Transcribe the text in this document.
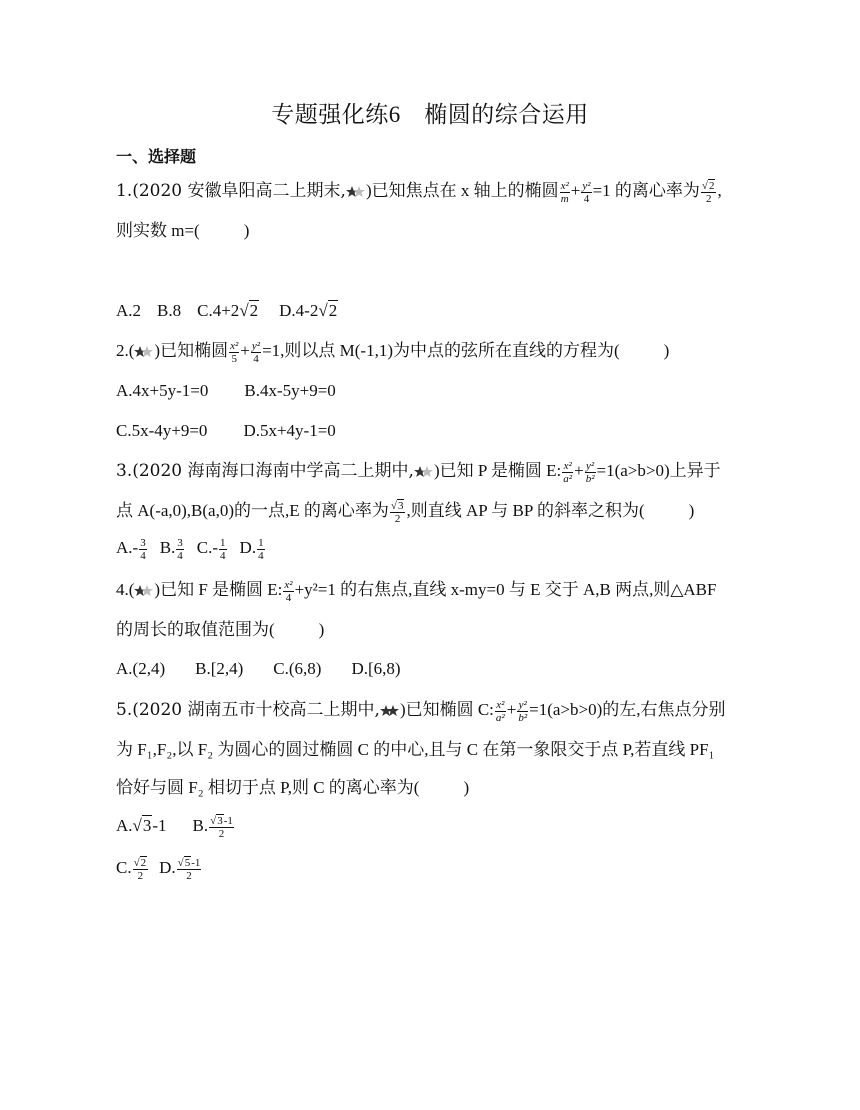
专题强化练6　椭圆的综合运用
一、选择题
1.(2020 安徽阜阳高二上期末, )已知焦点在 x 轴上的椭圆 $\frac{\text{x²}}{m} + \frac{\text{y²}}{4} =1$ 的离心率为 $\frac{√2}{2}$ ,
则实数 m=(	)
A.2 B.8 C.4+2√2 D.4-2√2
2.( )已知椭圆 $\frac{\text{x²}}{5} + \frac{\text{y²}}{4} =1$,则以点 M(-1,1)为中点的弦所在直线的方程为(	)
A.4x+5y-1=0 B.4x-5y+9=0
C.5x-4y+9=0 D.5x+4y-1=0
3.(2020 海南海口海南中学高二上期中, )已知 P 是椭圆 E: $\frac{\text{x²}}{\text{a²}} + \frac{\text{y²}}{\text{b²}} =1(a>b>0)$上异于
点 A(-a,0),B(a,0)的一点,E 的离心率为 $\frac{√3}{2}$ ,则直线 AP 与 BP 的斜率之积为(	)
$A.- \frac{3}{4} B$. $\frac{3}{4} C.- \frac{1}{4} D$. $\frac{1}{4}$
4.( )已知 F 是椭圆 E: $\frac{\text{x²}}{4} +y^2=1$ 的右焦点,直线 x-my=0 与 E 交于 A,B 两点,则△ABF
的周长的取值范围为(	)
A.(2,4) B.[2,4) C.(6,8) D.[6,8)
5.(2020 湖南五市十校高二上期中, )已知椭圆 C: $\frac{\text{x²}}{\text{a²}} + \frac{\text{y²}}{\text{b²}} =1(a>b>0)$的左,右焦点分别
为 F₁,F₂,以 F₂ 为圆心的圆过椭圆 C 的中心,且与 C 在第一象限交于点 P,若直线 PF₁
恰好与圆 F₂ 相切于点 P,则 C 的离心率为(	)
A.√3-1 B. $\frac{√3-1}{2}$
C. $\frac{√2}{2} D$. $\frac{√5-1}{2}$
